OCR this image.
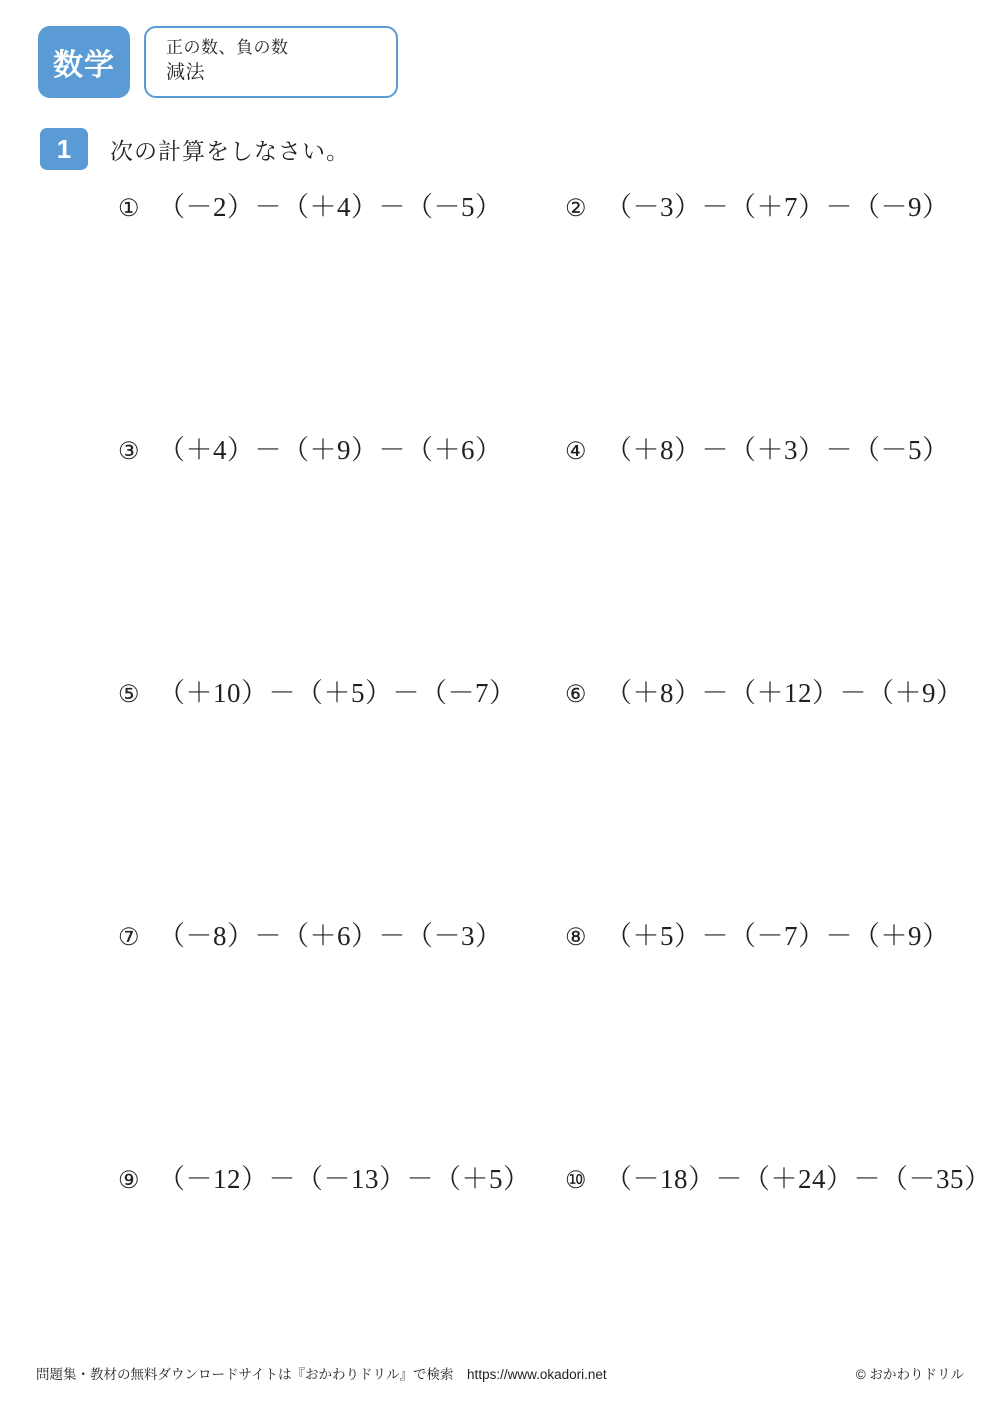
数学
正の数、負の数
減法
1	次の計算をしなさい。
① （－2）－（＋4）－（－5）	② （－3）－（＋7）－（－9）
③ （＋4）－（＋9）－（＋6）	④ （＋8）－（＋3）－（－5）
⑤ （＋10）－（＋5）－（－7） ⑥ （＋8）－（＋12）－（＋9）
⑦ （－8）－（＋6）－（－3）	⑧ （＋5）－（－7）－（＋9）
⑨ （－12）－（－13）－（＋5） ⑩ （－18）－（＋24）－（－35）
問題集・教材の無料ダウンロードサイトは『おかわりドリル』で検索　https://www.okadori.net	© おかわりドリル
